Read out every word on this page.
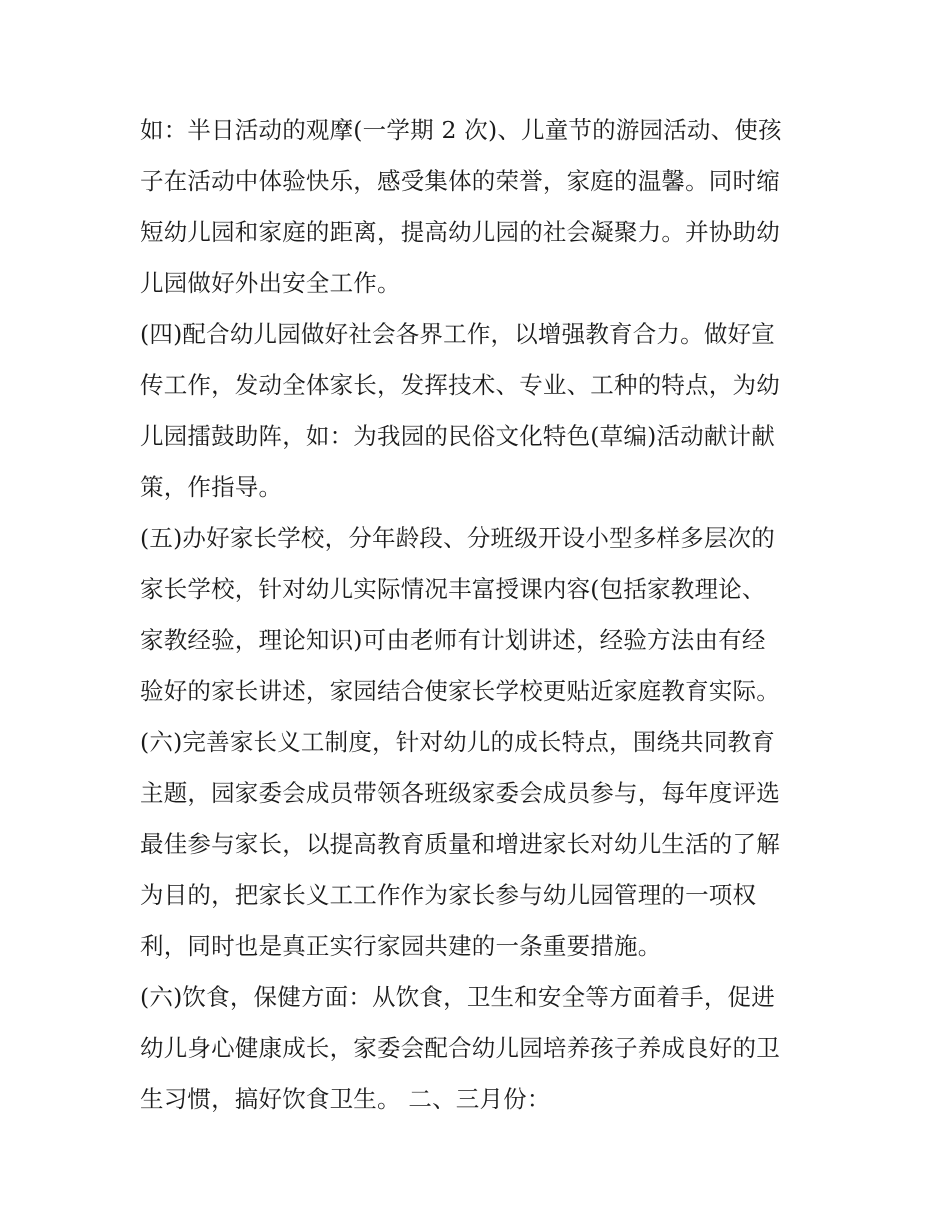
如：半日活动的观摩(一学期 2 次)、儿童节的游园活动、使孩
子在活动中体验快乐，感受集体的荣誉，家庭的温馨。同时缩
短幼儿园和家庭的距离，提高幼儿园的社会凝聚力。并协助幼
儿园做好外出安全工作。
(四)配合幼儿园做好社会各界工作，以增强教育合力。做好宣
传工作，发动全体家长，发挥技术、专业、工种的特点，为幼
儿园擂鼓助阵，如：为我园的民俗文化特色(草编)活动献计献
策，作指导。
(五)办好家长学校，分年龄段、分班级开设小型多样多层次的
家长学校，针对幼儿实际情况丰富授课内容(包括家教理论、
家教经验，理论知识)可由老师有计划讲述，经验方法由有经
验好的家长讲述，家园结合使家长学校更贴近家庭教育实际。
(六)完善家长义工制度，针对幼儿的成长特点，围绕共同教育
主题，园家委会成员带领各班级家委会成员参与，每年度评选
最佳参与家长，以提高教育质量和增进家长对幼儿生活的了解
为目的，把家长义工工作作为家长参与幼儿园管理的一项权
利，同时也是真正实行家园共建的一条重要措施。
(六)饮食，保健方面：从饮食，卫生和安全等方面着手，促进
幼儿身心健康成长，家委会配合幼儿园培养孩子养成良好的卫
生习惯，搞好饮食卫生。 二、三月份：
